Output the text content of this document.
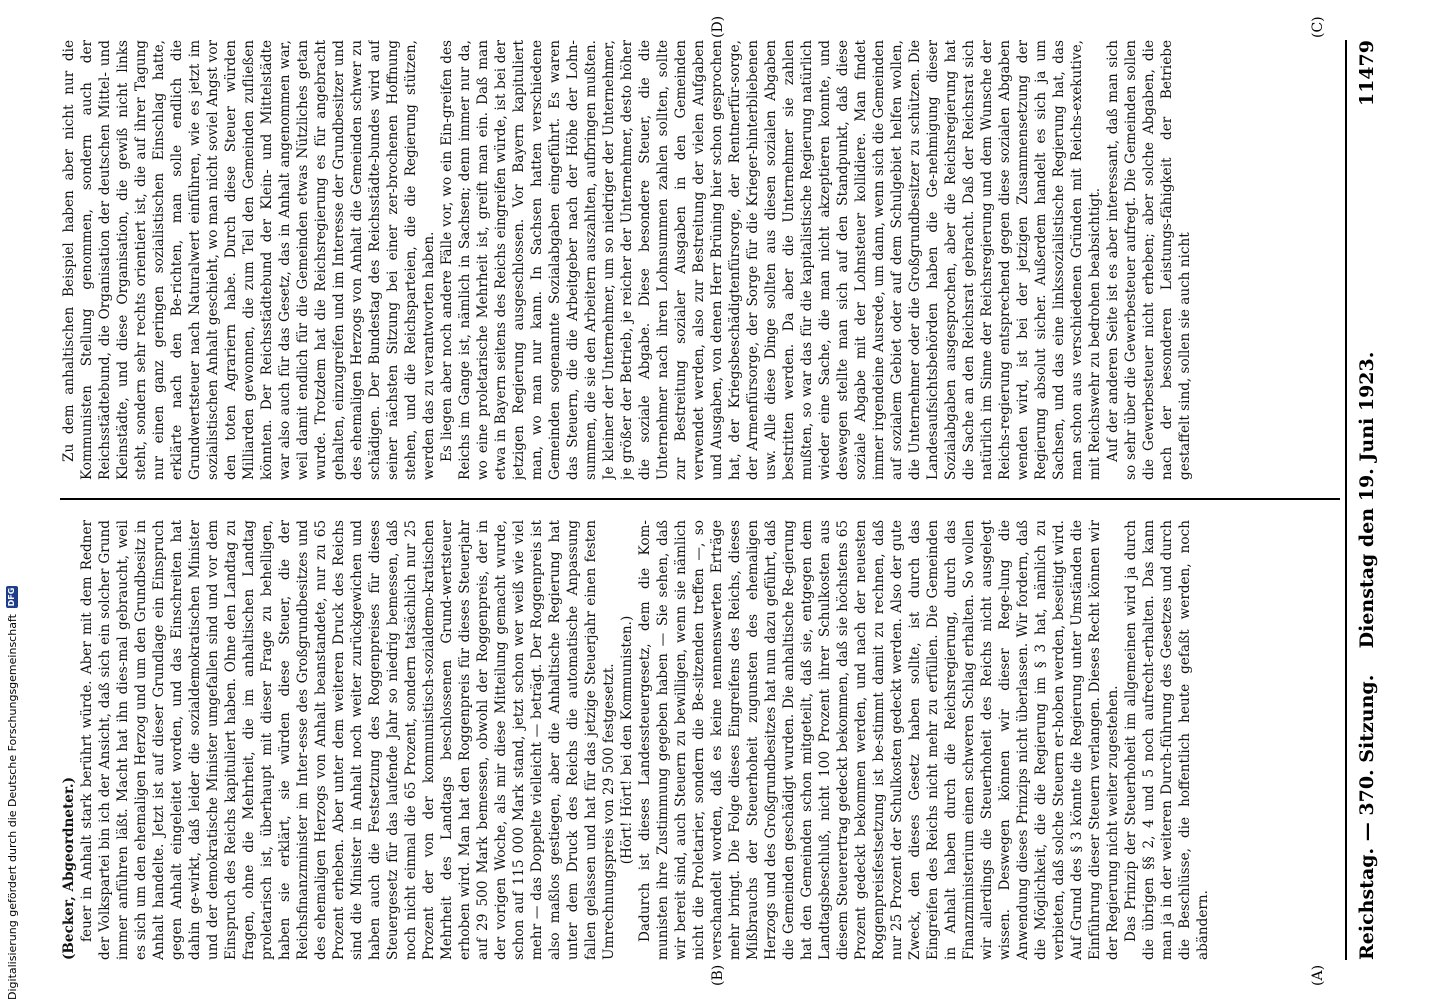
Reichstag. — 370. Sitzung.
Dienstag den 19. Juni 1923.
11479
(A)
(B)
(C)
(D)

(Becker, Abgeordneter.) feuer in Anhalt stark berührt würde. Aber mit dem Redner der Volkspartei bin ich der Ansicht, daß sich ein solcher Grund immer anführen läßt. Macht hat ihn dies-mal gebraucht, weil es sich um den ehemaligen Herzog und um den Grundbesitz in Anhalt handelte. Jetzt ist auf dieser Grundlage ein Einspruch gegen Anhalt eingeleitet worden, und das Einschreiten hat dahin ge-wirkt, daß leider die sozialdemokratischen Minister und der demokratische Minister umgefallen sind und vor dem Einspruch des Reichs kapituliert haben. Ohne den Landtag zu fragen, ohne die Mehrheit, die im anhaltischen Landtag proletarisch ist, überhaupt mit dieser Frage zu behelligen, haben sie erklärt, sie würden diese Steuer, die der Reichsfinanzminister im Inter-esse des Großgrundbesitzes und des ehemaligen Herzogs von Anhalt beanstandete, nur zu 65 Prozent erheben. Aber unter dem weiteren Druck des Reichs sind die Minister in Anhalt noch weiter zurückgewichen und haben auch die Festsetzung des Roggenpreises für dieses Steuergesetz für das laufende Jahr so niedrig bemessen, daß noch nicht einmal die 65 Prozent, sondern tatsächlich nur 25 Prozent der von der kommunistisch-sozialdemo-kratischen Mehrheit des Landtags beschlossenen Grund-wertsteuer erhoben wird. Man hat den Roggenpreis für dieses Steuerjahr auf 29 500 Mark bemessen, obwohl der Roggenpreis, der in der vorigen Woche, als mir diese Mitteilung gemacht wurde, schon auf 115 000 Mark stand, jetzt schon wer weiß wie viel mehr — das Doppelte vielleicht — beträgt. Der Roggenpreis ist also maßlos gestiegen, aber die Anhaltische Regierung hat unter dem Druck des Reichs die automatische Anpassung fallen gelassen und hat für das jetzige Steuerjahr einen festen Umrechnungspreis von 29 500 festgesetzt. (Hört! Hört! bei den Kommunisten.) Dadurch ist dieses Landessteuergesetz, dem die Kom-munisten ihre Zustimmung gegeben haben — Sie sehen, daß wir bereit sind, auch Steuern zu bewilligen, wenn sie nämlich nicht die Proletarier, sondern die Be-sitzenden treffen —, so verschandelt worden, daß es keine nennenswerten Erträge mehr bringt. Die Folge dieses Eingreifens des Reichs, dieses Mißbrauchs der Steuerhoheit zugunsten des ehemaligen Herzogs und des Großgrundbesitzes hat nun dazu geführt, daß die Gemeinden geschädigt wurden. Die anhaltische Re-gierung hat den Gemeinden schon mitgeteilt, daß sie, entgegen dem Landtagsbeschluß, nicht 100 Prozent ihrer Schulkosten aus diesem Steuerertrag gedeckt bekommen, daß sie höchstens 65 Prozent gedeckt bekommen werden, und nach der neuesten Roggenpreisfestsetzung ist be-stimmt damit zu rechnen, daß nur 25 Prozent der Schulkosten gedeckt werden. Also der gute Zweck, den dieses Gesetz haben sollte, ist durch das Eingreifen des Reichs nicht mehr zu erfüllen. Die Gemeinden in Anhalt haben durch die Reichsregierung, durch das Finanzministerium einen schweren Schlag erhalten. So wollen wir allerdings die Steuerhoheit des Reichs nicht ausgelegt wissen. Deswegen können wir dieser Rege-lung die Anwendung dieses Prinzips nicht überlassen. Wir fordern, daß die Möglichkeit, die die Regierung im § 3 hat, nämlich zu verbieten, daß solche Steuern er-hoben werden, beseitigt wird. Auf Grund des § 3 könnte die Regierung unter Umständen die Einführung dieser Steuern verlangen. Dieses Recht können wir der Regierung nicht weiter zugestehen. Das Prinzip der Steuerhoheit im allgemeinen wird ja durch die übrigen §§ 2, 4 und 5 noch aufrecht-erhalten. Das kann man ja in der weiteren Durch-führung des Gesetzes und durch die Beschlüsse, die hoffentlich heute gefaßt werden, noch abändern.

Zu dem anhaltischen Beispiel haben aber nicht nur die Kommunisten Stellung genommen, sondern auch der Reichsstädtebund, die Organisation der deutschen Mittel- und Kleinstädte, und diese Organisation, die gewiß nicht links steht, sondern sehr rechts orientiert ist, die auf ihrer Tagung nur einen ganz geringen sozialistischen Einschlag hatte, erklärte nach den Be-richten, man solle endlich die Grundwertsteuer nach Naturalwert einführen, wie es jetzt im sozialistischen Anhalt geschieht, wo man nicht soviel Angst vor den toten Agrariern habe. Durch diese Steuer würden Milliarden gewonnen, die zum Teil den Gemeinden zufließen könnten. Der Reichsstädtebund der Klein- und Mittelstädte war also auch für das Gesetz, das in Anhalt angenommen war, weil damit endlich für die Gemeinden etwas Nützliches getan wurde. Trotzdem hat die Reichsregierung es für angebracht gehalten, einzugreifen und im Interesse der Grundbesitzer und des ehemaligen Herzogs von Anhalt die Gemeinden schwer zu schädigen. Der Bundestag des Reichsstädte-bundes wird auf seiner nächsten Sitzung bei einer zer-brochenen Hoffnung stehen, und die Reichsparteien, die die Regierung stützen, werden das zu verantworten haben. Es liegen aber noch andere Fälle vor, wo ein Ein-greifen des Reichs im Gange ist, nämlich in Sachsen; denn immer nur da, wo eine proletarische Mehrheit ist, greift man ein. Daß man etwa in Bayern seitens des Reichs eingreifen würde, ist bei der jetzigen Regierung ausgeschlossen. Vor Bayern kapituliert man, wo man nur kann. In Sachsen hatten verschiedene Gemeinden sogenannte Sozialabgaben eingeführt. Es waren das Steuern, die die Arbeitgeber nach der Höhe der Lohn-summen, die sie den Arbeitern auszahlten, aufbringen mußten. Je kleiner der Unternehmer, um so niedriger der Unternehmer, je größer der Betrieb, je reicher der Unternehmer, desto höher die soziale Abgabe. Diese besondere Steuer, die die Unternehmer nach ihren Lohnsummen zahlen sollten, sollte zur Bestreitung sozialer Ausgaben in den Gemeinden verwendet werden, also zur Bestreitung der vielen Aufgaben und Ausgaben, von denen Herr Brüning hier schon gesprochen hat, der Kriegsbeschädigtenfürsorge, der Rentnerfür-sorge, der Armenfürsorge, der Sorge für die Krieger-hinterbliebenen usw. Alle diese Dinge sollten aus diesen sozialen Abgaben bestritten werden. Da aber die Unternehmer sie zahlen mußten, so war das für die kapitalistische Regierung natürlich wieder eine Sache, die man nicht akzeptieren konnte, und deswegen stellte man sich auf den Standpunkt, daß diese soziale Abgabe mit der Lohnsteuer kollidiere. Man findet immer irgendeine Ausrede, um dann, wenn sich die Gemeinden auf sozialem Gebiet oder auf dem Schulgebiet helfen wollen, die Unternehmer oder die Großgrundbesitzer zu schützen. Die Landesaufsichtsbehörden haben die Ge-nehmigung dieser Sozialabgaben ausgesprochen, aber die Reichsregierung hat die Sache an den Reichsrat gebracht. Daß der Reichsrat sich natürlich im Sinne der Reichsregierung und dem Wunsche der Reichs-regierung entsprechend gegen diese sozialen Abgaben wenden wird, ist bei der jetzigen Zusammensetzung der Regierung absolut sicher. Außerdem handelt es sich ja um Sachsen, und das eine linkssozialistische Regierung hat, das man schon aus verschiedenen Gründen mit Reichs-exekutive, mit Reichswehr zu bedrohen beabsichtigt. Auf der anderen Seite ist es aber interessant, daß man sich so sehr über die Gewerbesteuer aufregt. Die Gemeinden sollen die Gewerbesteuer nicht erheben; aber solche Abgaben, die nach der besonderen Leistungs-fähigkeit der Betriebe gestaffelt sind, sollen sie auch nicht

Digitalisierung gefördert durch die Deutsche Forschungsgemeinschaft
DFG
